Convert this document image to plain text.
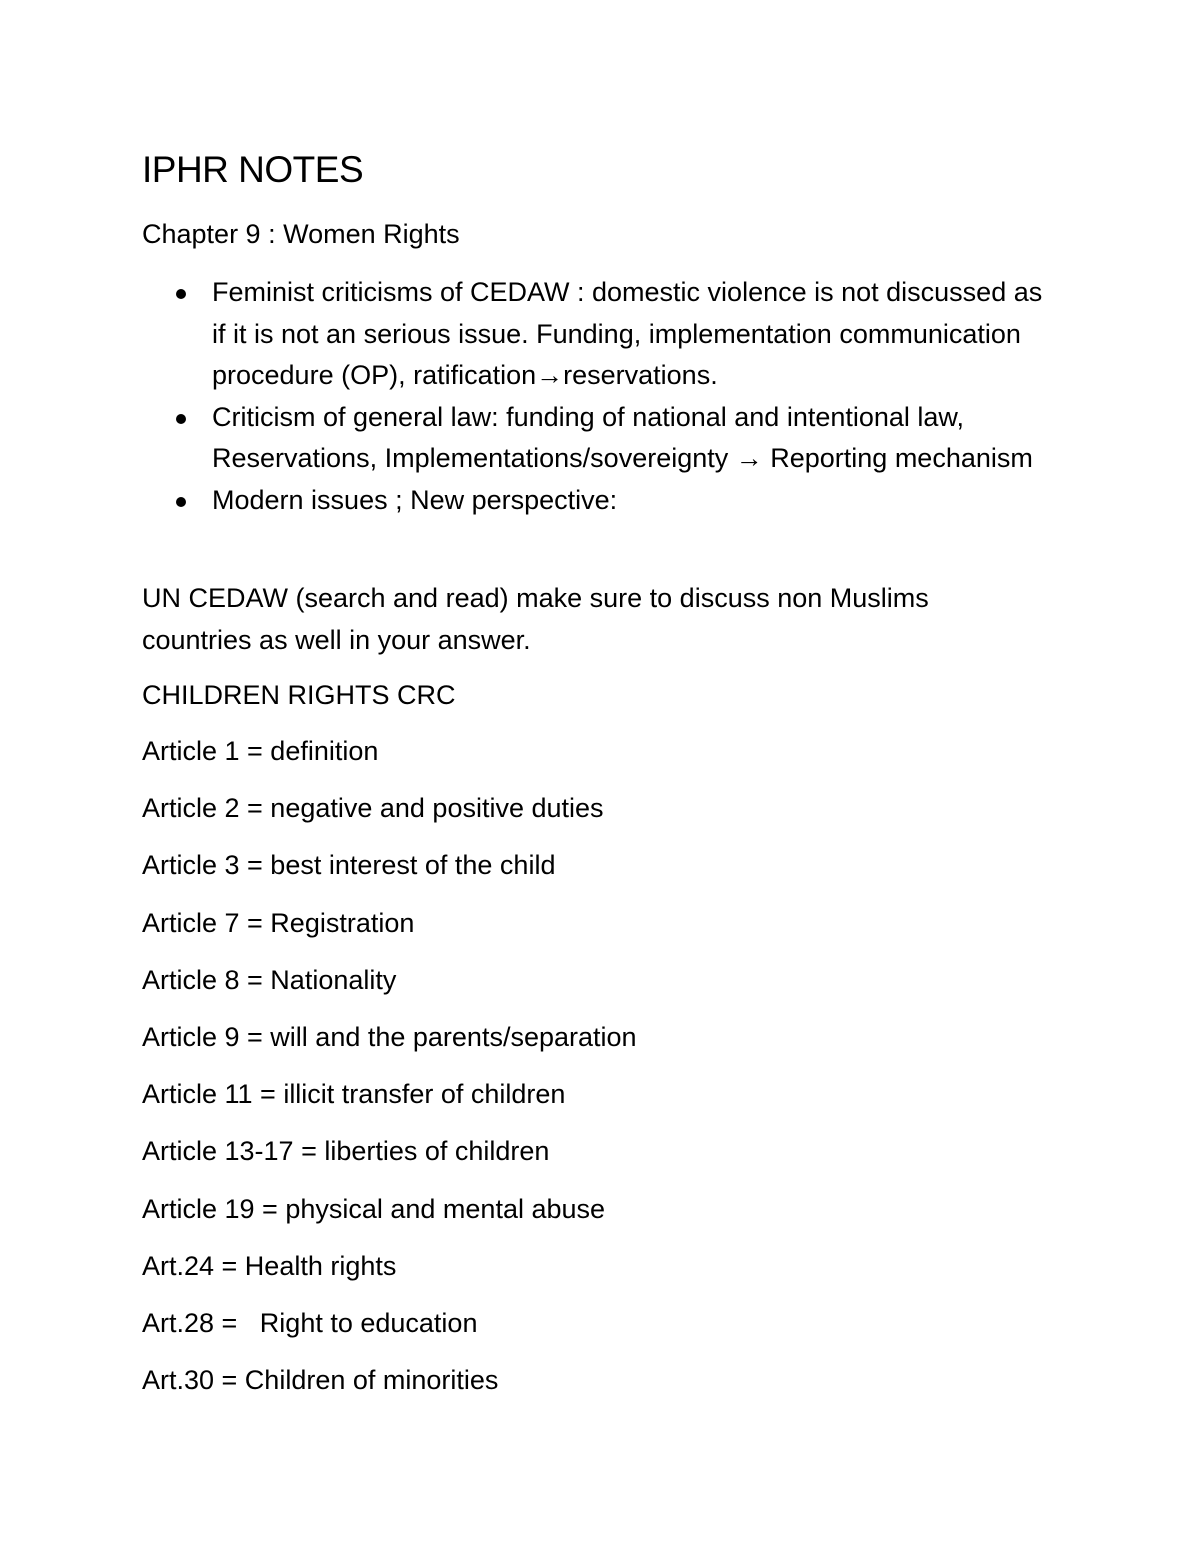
IPHR NOTES

Chapter 9 : Women Rights

Feminist criticisms of CEDAW : domestic violence is not discussed as if it is not an serious issue. Funding, implementation communication procedure (OP), ratification→reservations.
Criticism of general law: funding of national and intentional law, Reservations, Implementations/sovereignty → Reporting mechanism
Modern issues ; New perspective:

UN CEDAW (search and read) make sure to discuss non Muslims countries as well in your answer.

CHILDREN RIGHTS CRC

Article 1 = definition
Article 2 = negative and positive duties
Article 3 = best interest of the child
Article 7 = Registration
Article 8 = Nationality
Article 9 = will and the parents/separation
Article 11 = illicit transfer of children
Article 13-17 = liberties of children
Article 19 = physical and mental abuse
Art.24 = Health rights
Art.28 =   Right to education
Art.30 = Children of minorities
